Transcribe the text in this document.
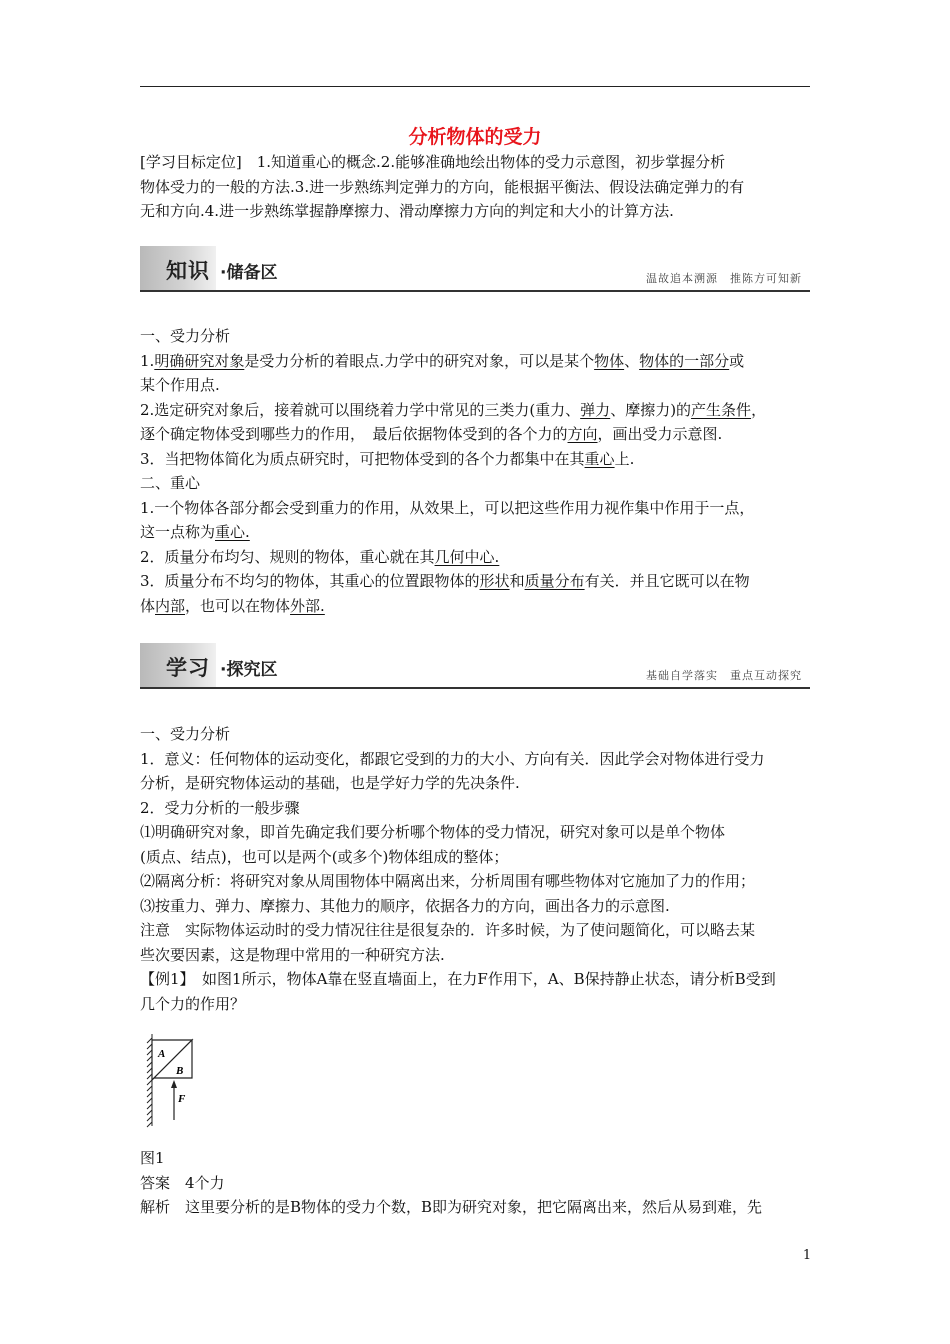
分析物体的受力
[学习目标定位]　1.知道重心的概念.2.能够准确地绘出物体的受力示意图，初步掌握分析
物体受力的一般的方法.3.进一步熟练判定弹力的方向，能根据平衡法、假设法确定弹力的有
无和方向.4.进一步熟练掌握静摩擦力、滑动摩擦力方向的判定和大小的计算方法.
知识 ·储备区	温故追本溯源　推陈方可知新
一、受力分析
1.明确研究对象是受力分析的着眼点.力学中的研究对象，可以是某个物体、物体的一部分或
某个作用点.
2.选定研究对象后，接着就可以围绕着力学中常见的三类力(重力、弹力、摩擦力)的产生条件，
逐个确定物体受到哪些力的作用，　最后依据物体受到的各个力的方向，画出受力示意图.
3．当把物体简化为质点研究时，可把物体受到的各个力都集中在其重心上.
二、重心
1.一个物体各部分都会受到重力的作用，从效果上，可以把这些作用力视作集中作用于一点，
这一点称为重心.
2．质量分布均匀、规则的物体，重心就在其几何中心.
3．质量分布不均匀的物体，其重心的位置跟物体的形状和质量分布有关．并且它既可以在物
体内部，也可以在物体外部.
学习 ·探究区	基础自学落实　重点互动探究
一、受力分析
1．意义：任何物体的运动变化，都跟它受到的力的大小、方向有关．因此学会对物体进行受力
分析，是研究物体运动的基础，也是学好力学的先决条件.
2．受力分析的一般步骤
⑴明确研究对象，即首先确定我们要分析哪个物体的受力情况，研究对象可以是单个物体
(质点、结点)，也可以是两个(或多个)物体组成的整体；
⑵隔离分析：将研究对象从周围物体中隔离出来，分析周围有哪些物体对它施加了力的作用；
⑶按重力、弹力、摩擦力、其他力的顺序，依据各力的方向，画出各力的示意图.
注意　实际物体运动时的受力情况往往是很复杂的．许多时候，为了使问题简化，可以略去某
些次要因素，这是物理中常用的一种研究方法.
【例1】　如图1所示，物体A靠在竖直墙面上，在力F作用下，A、B保持静止状态，请分析B受到
几个力的作用？
A
B
F
图1
答案　4个力
解析　这里要分析的是B物体的受力个数，B即为研究对象，把它隔离出来，然后从易到难，先
1
